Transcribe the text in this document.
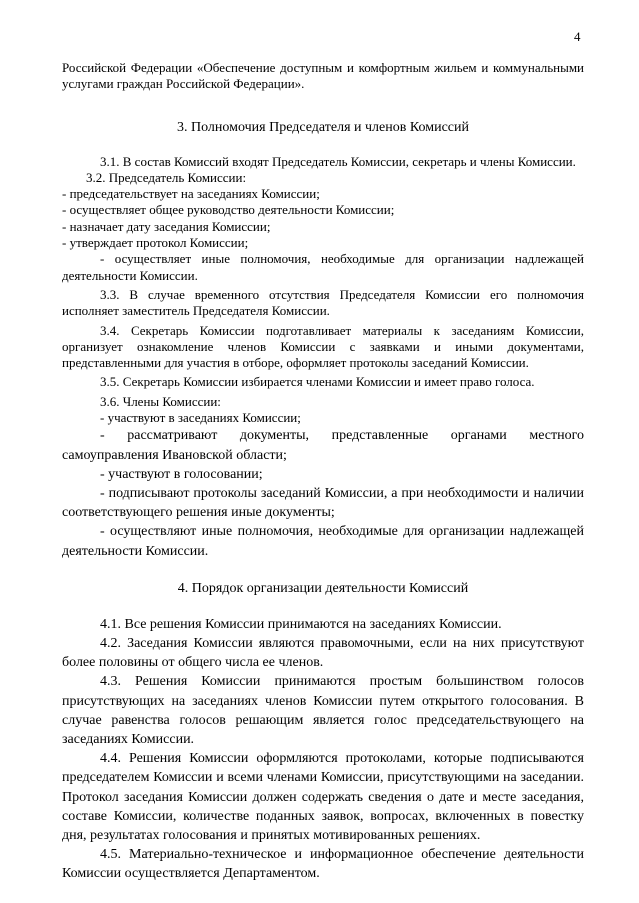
4

Российской Федерации «Обеспечение доступным и комфортным жильем и коммунальными услугами граждан Российской Федерации».

3. Полномочия Председателя и членов Комиссий

3.1. В состав Комиссий входят Председатель Комиссии, секретарь и члены Комиссии.

3.2. Председатель Комиссии:

- председательствует на заседаниях Комиссии;

- осуществляет общее руководство деятельности Комиссии;

- назначает дату заседания Комиссии;

- утверждает протокол Комиссии;

- осуществляет иные полномочия, необходимые для организации надлежащей деятельности Комиссии.

3.3. В случае временного отсутствия Председателя Комиссии его полномочия исполняет заместитель Председателя Комиссии.

3.4. Секретарь Комиссии подготавливает материалы к заседаниям Комиссии, организует ознакомление членов Комиссии с заявками и иными документами, представленными для участия в отборе, оформляет протоколы заседаний Комиссии.

3.5. Секретарь Комиссии избирается членами Комиссии и имеет право голоса.

3.6. Члены Комиссии:

- участвуют в заседаниях Комиссии;

- рассматривают документы, представленные органами местного самоуправления Ивановской области;

- участвуют в голосовании;

- подписывают протоколы заседаний Комиссии, а при необходимости и наличии соответствующего решения иные документы;

- осуществляют иные полномочия, необходимые для организации надлежащей деятельности Комиссии.

4. Порядок организации деятельности Комиссий

4.1. Все решения Комиссии принимаются на заседаниях Комиссии.

4.2. Заседания Комиссии являются правомочными, если на них присутствуют более половины от общего числа ее членов.

4.3. Решения Комиссии принимаются простым большинством голосов присутствующих на заседаниях членов Комиссии путем открытого голосования. В случае равенства голосов решающим является голос председательствующего на заседаниях Комиссии.

4.4. Решения Комиссии оформляются протоколами, которые подписываются председателем Комиссии и всеми членами Комиссии, присутствующими на заседании. Протокол заседания Комиссии должен содержать сведения о дате и месте заседания, составе Комиссии, количестве поданных заявок, вопросах, включенных в повестку дня, результатах голосования и принятых мотивированных решениях.

4.5. Материально-техническое и информационное обеспечение деятельности Комиссии осуществляется Департаментом.
